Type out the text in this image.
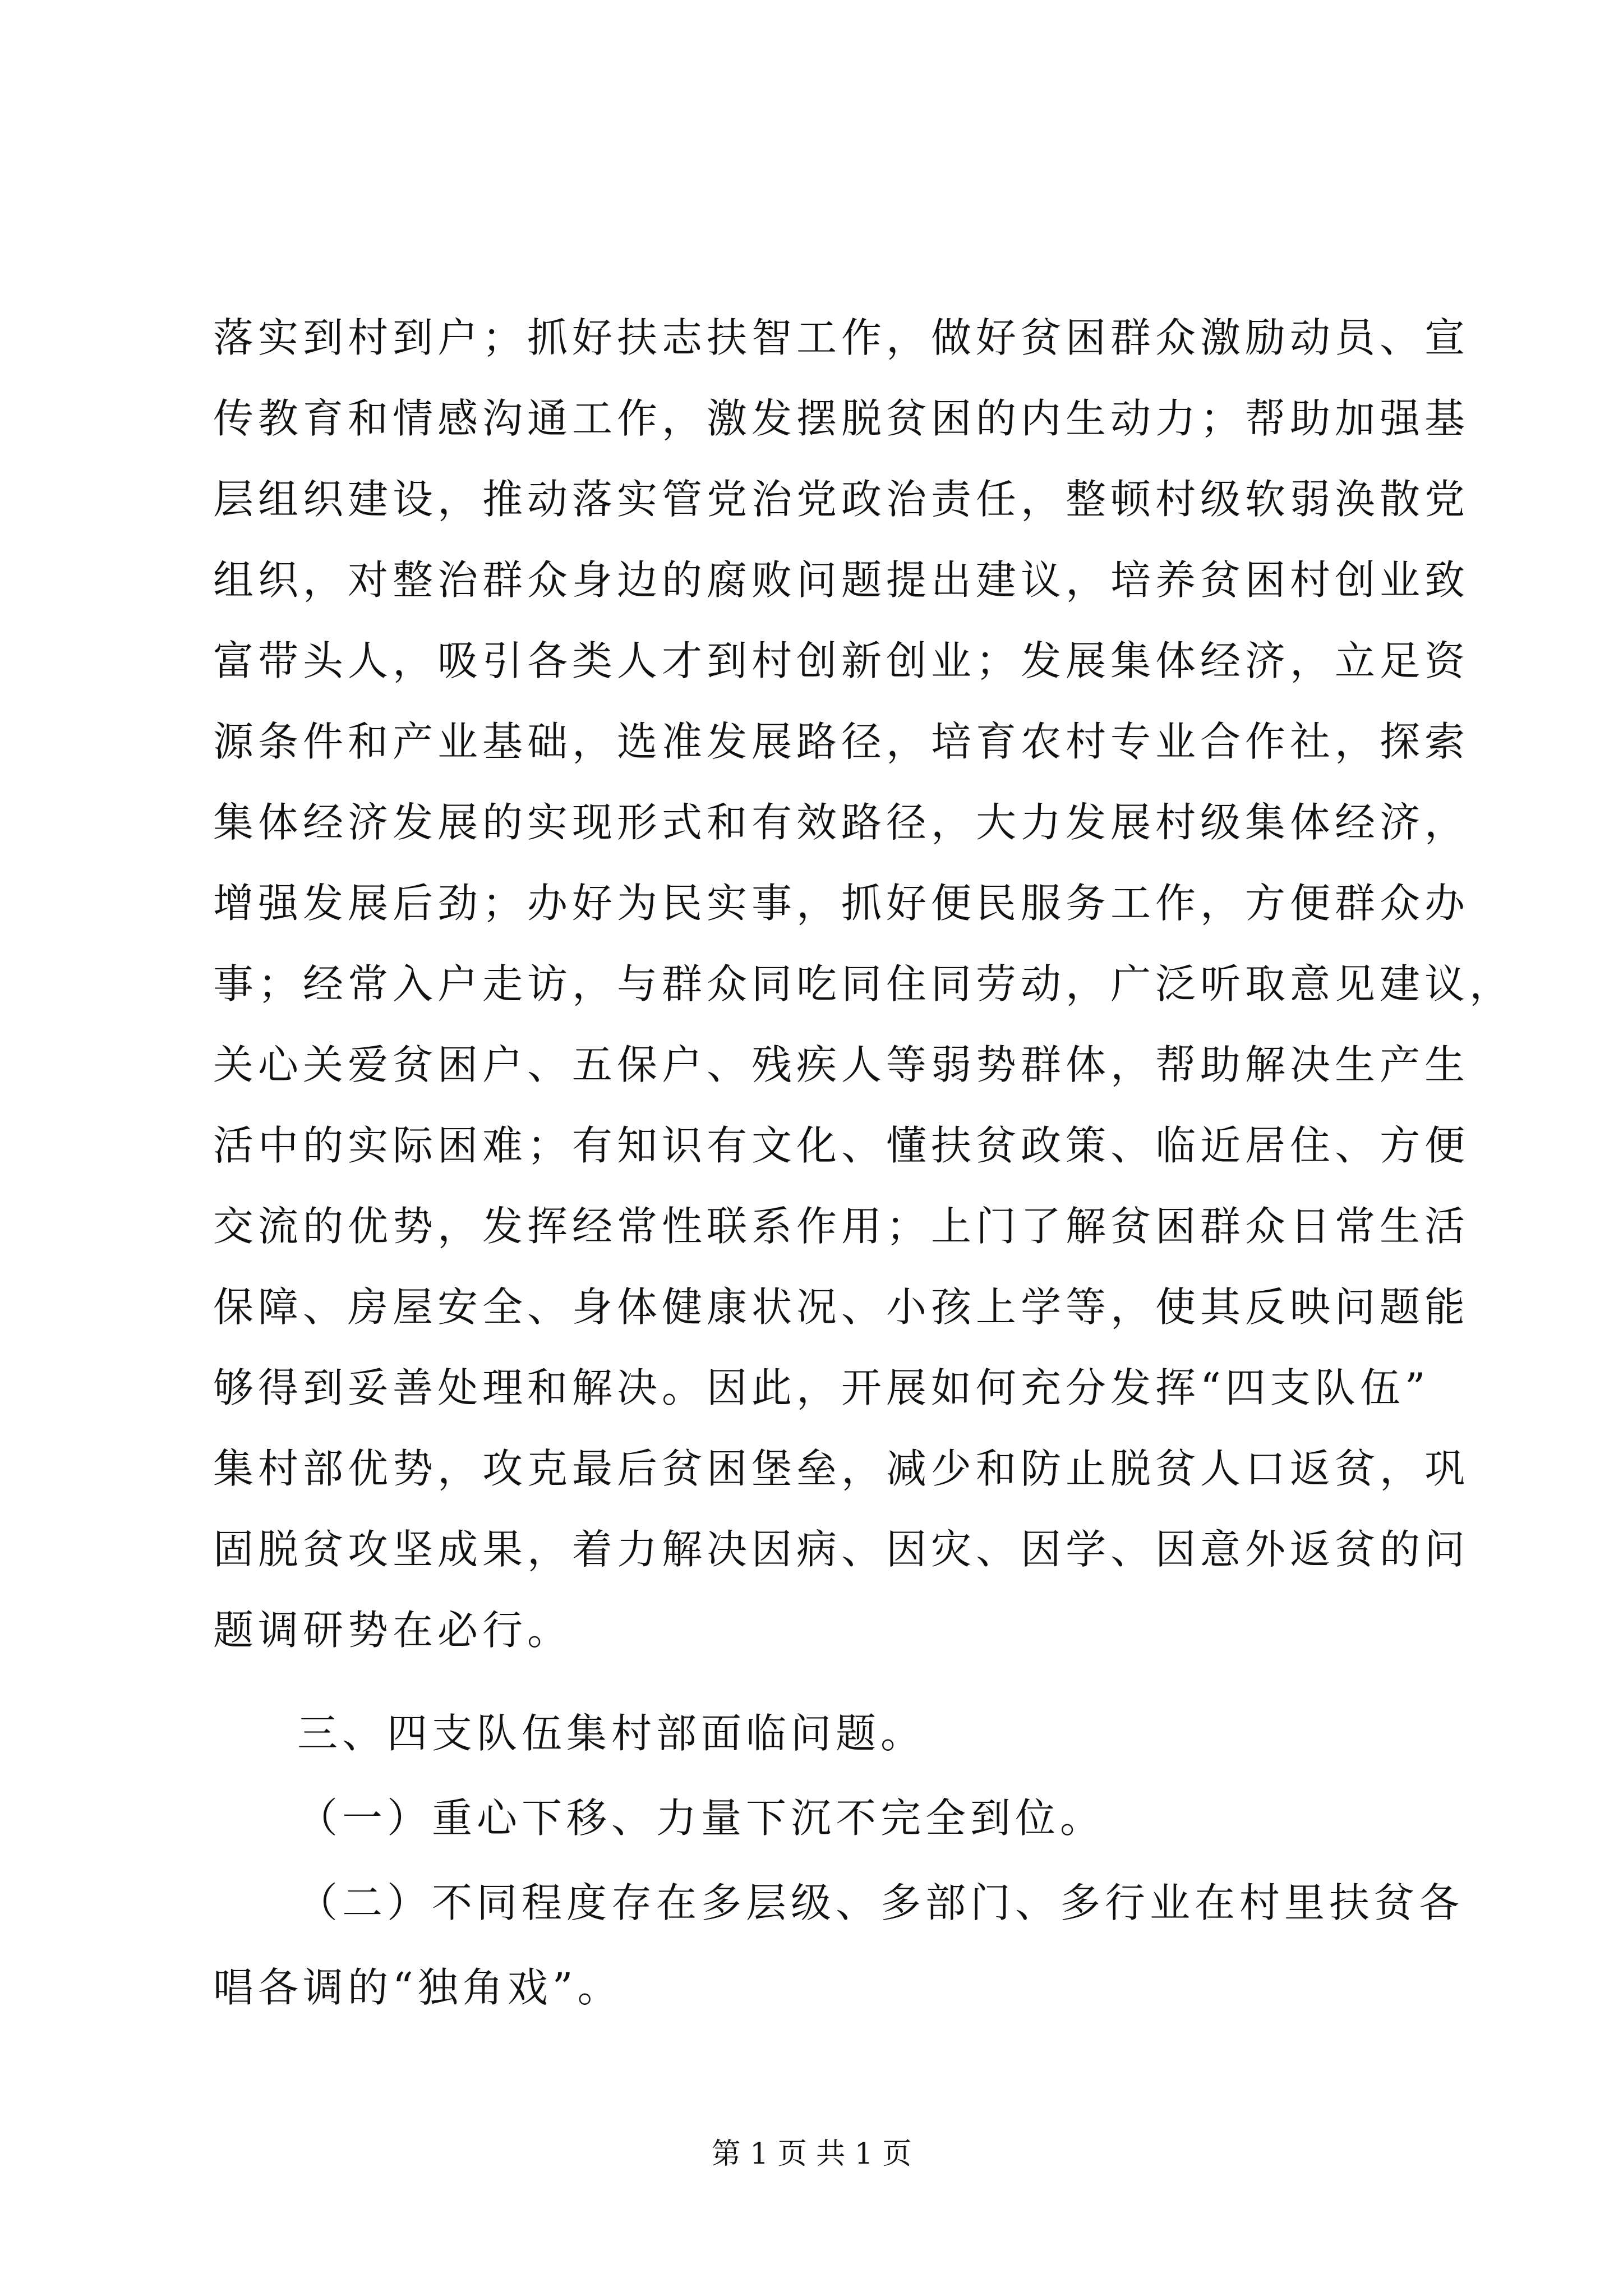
落实到村到户；抓好扶志扶智工作，做好贫困群众激励动员、宣
传教育和情感沟通工作，激发摆脱贫困的内生动力；帮助加强基
层组织建设，推动落实管党治党政治责任，整顿村级软弱涣散党
组织，对整治群众身边的腐败问题提出建议，培养贫困村创业致
富带头人，吸引各类人才到村创新创业；发展集体经济，立足资
源条件和产业基础，选准发展路径，培育农村专业合作社，探索
集体经济发展的实现形式和有效路径，大力发展村级集体经济，
增强发展后劲；办好为民实事，抓好便民服务工作，方便群众办
事；经常入户走访，与群众同吃同住同劳动，广泛听取意见建议，
关心关爱贫困户、五保户、残疾人等弱势群体，帮助解决生产生
活中的实际困难；有知识有文化、懂扶贫政策、临近居住、方便
交流的优势，发挥经常性联系作用；上门了解贫困群众日常生活
保障、房屋安全、身体健康状况、小孩上学等，使其反映问题能
够得到妥善处理和解决。因此，开展如何充分发挥“四支队伍”
集村部优势，攻克最后贫困堡垒，减少和防止脱贫人口返贫，巩
固脱贫攻坚成果，着力解决因病、因灾、因学、因意外返贫的问
题调研势在必行。
三、四支队伍集村部面临问题。
（一）重心下移、力量下沉不完全到位。
（二）不同程度存在多层级、多部门、多行业在村里扶贫各
唱各调的“独角戏”。
第 1 页 共 1 页
